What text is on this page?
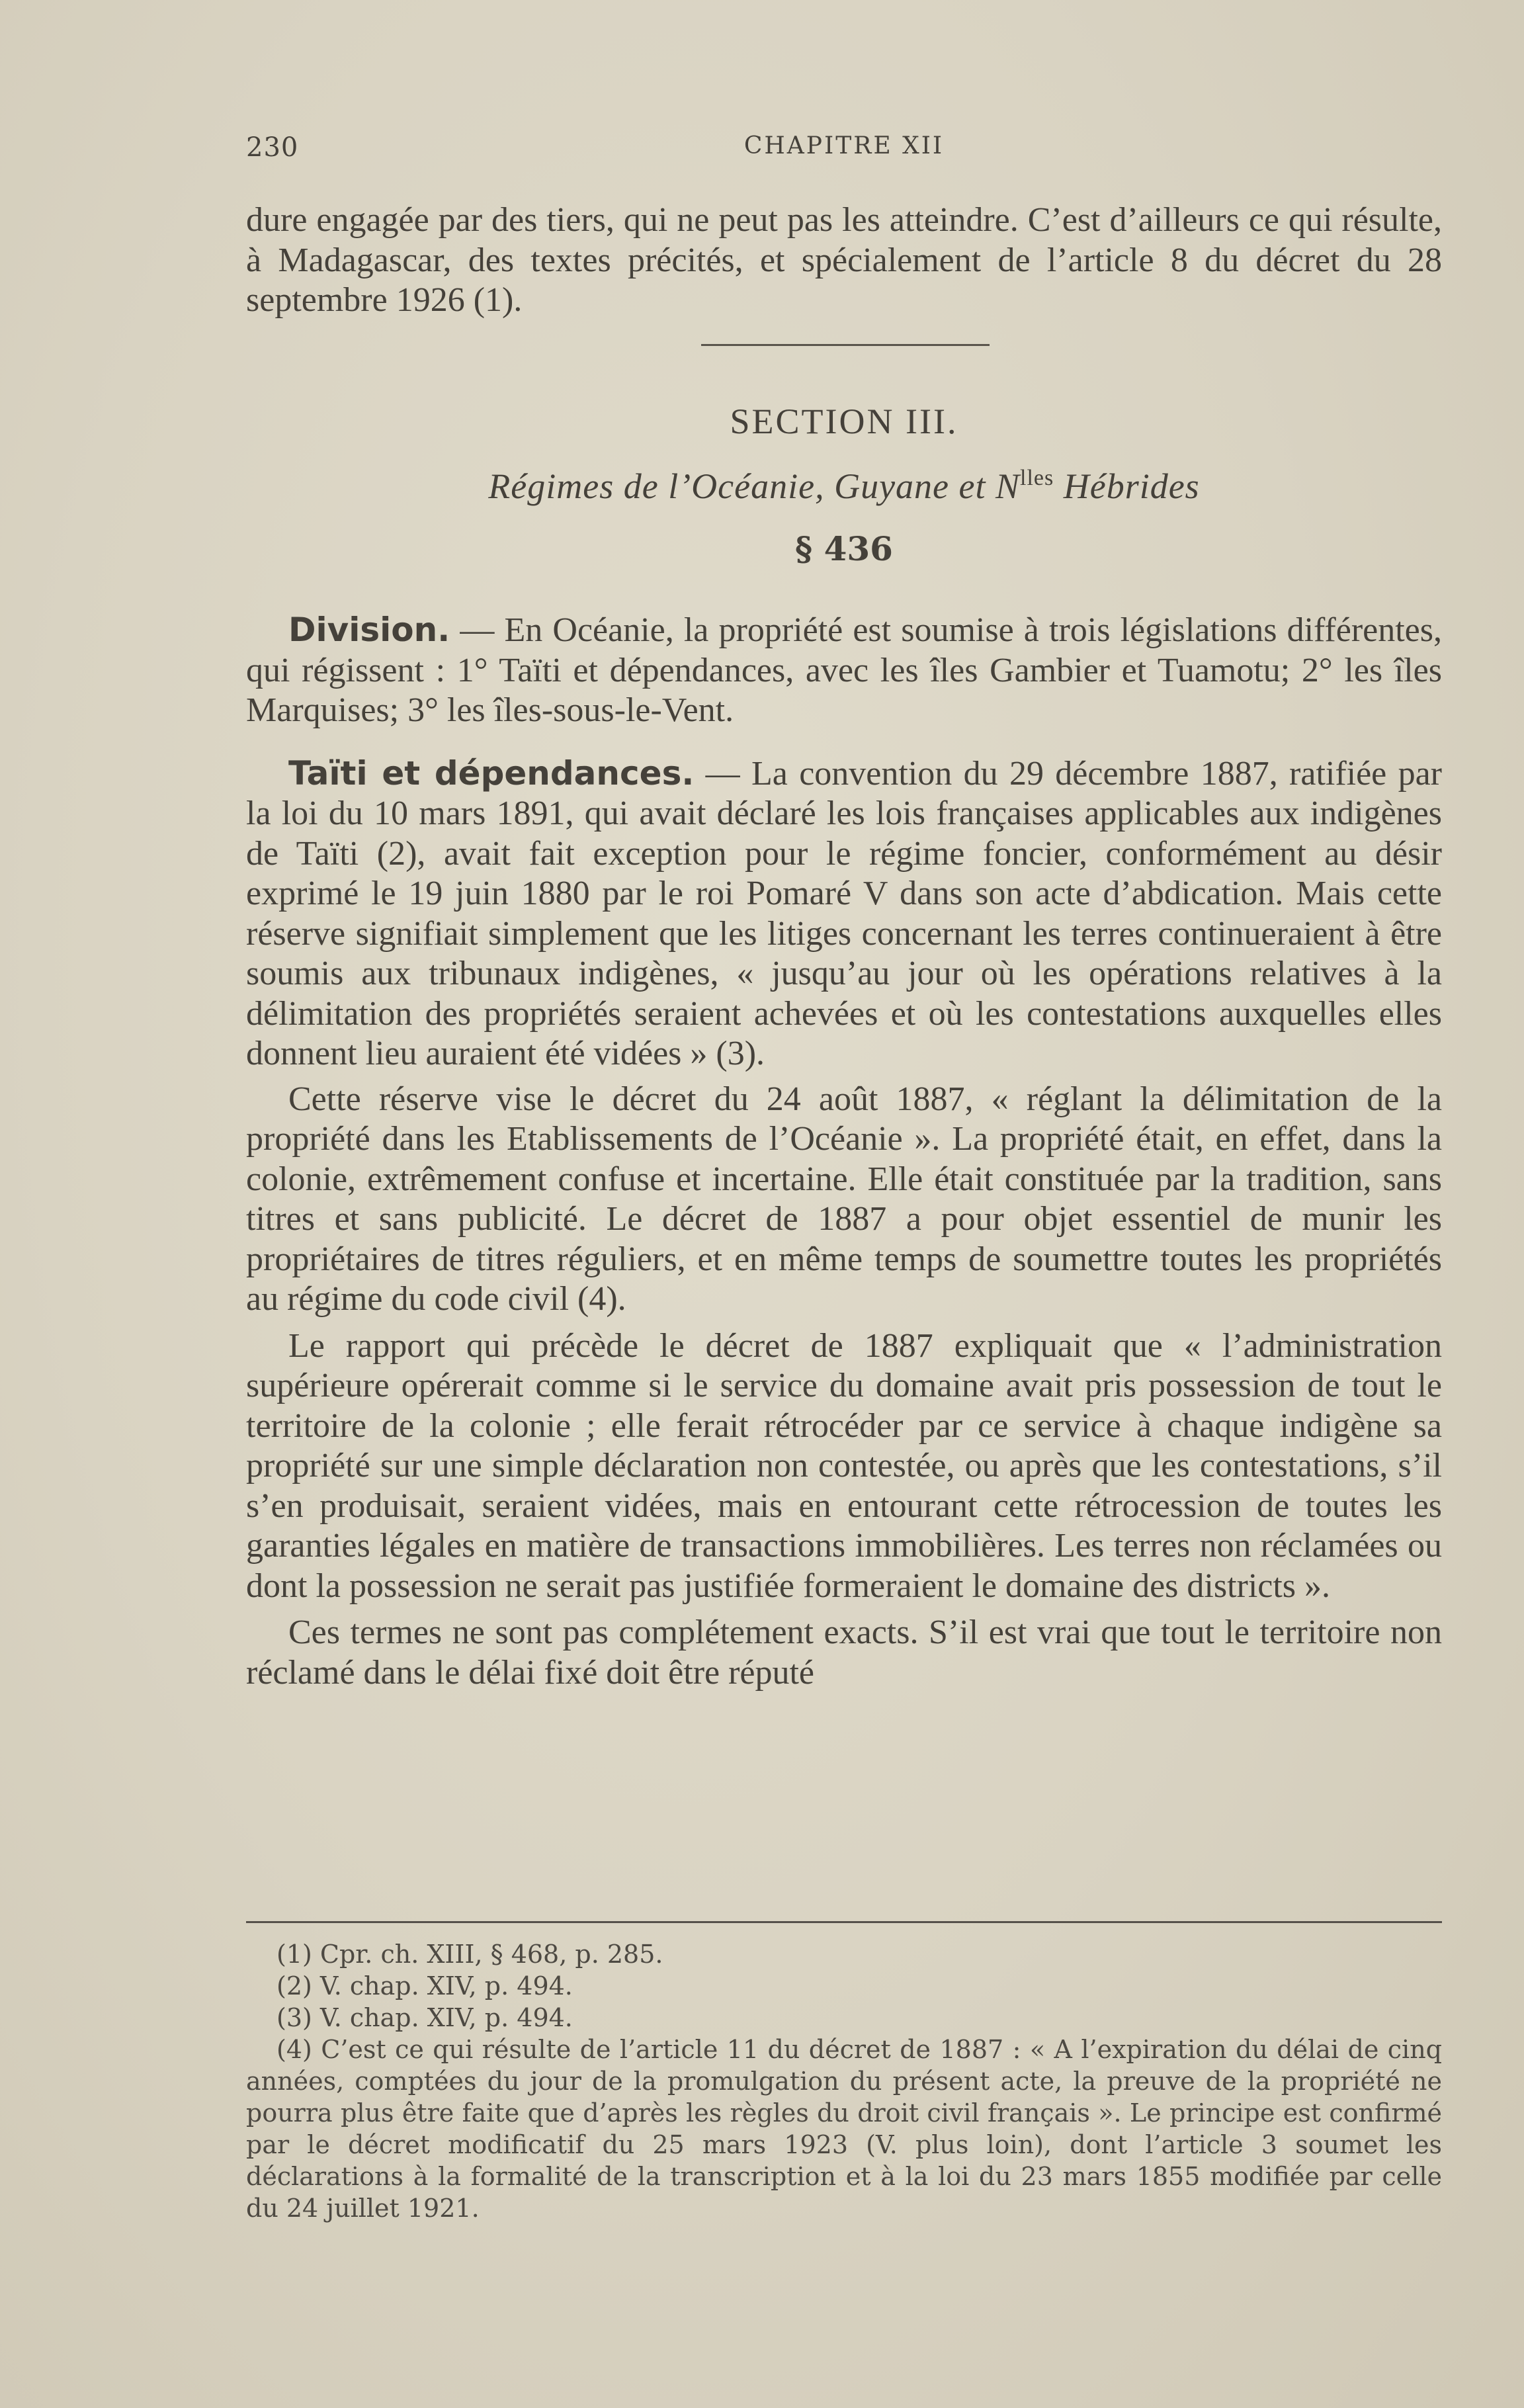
230	CHAPITRE XII

dure engagée par des tiers, qui ne peut pas les atteindre. C’est d’ailleurs ce qui résulte, à Madagascar, des textes précités, et spécialement de l’article 8 du décret du 28 septembre 1926 (1).

SECTION III.
Régimes de l’Océanie, Guyane et $N^{lles}$ Hébrides
§ 436

Division. — En Océanie, la propriété est soumise à trois législations différentes, qui régissent : 1° Taïti et dépendances, avec les îles Gambier et Tuamotu; 2° les îles Marquises; 3° les îles-sous-le-Vent.

Taïti et dépendances. — La convention du 29 décembre 1887, ratifiée par la loi du 10 mars 1891, qui avait déclaré les lois françaises applicables aux indigènes de Taïti (2), avait fait exception pour le régime foncier, conformément au désir exprimé le 19 juin 1880 par le roi Pomaré V dans son acte d’abdication. Mais cette réserve signifiait simplement que les litiges concernant les terres continueraient à être soumis aux tribunaux indigènes, « jusqu’au jour où les opérations relatives à la délimitation des propriétés seraient achevées et où les contestations auxquelles elles donnent lieu auraient été vidées » (3).

Cette réserve vise le décret du 24 août 1887, « réglant la délimitation de la propriété dans les Etablissements de l’Océanie ». La propriété était, en effet, dans la colonie, extrêmement confuse et incertaine. Elle était constituée par la tradition, sans titres et sans publicité. Le décret de 1887 a pour objet essentiel de munir les propriétaires de titres réguliers, et en même temps de soumettre toutes les propriétés au régime du code civil (4).

Le rapport qui précède le décret de 1887 expliquait que « l’administration supérieure opérerait comme si le service du domaine avait pris possession de tout le territoire de la colonie ; elle ferait rétrocéder par ce service à chaque indigène sa propriété sur une simple déclaration non contestée, ou après que les contestations, s’il s’en produisait, seraient vidées, mais en entourant cette rétrocession de toutes les garanties légales en matière de transactions immobilières. Les terres non réclamées ou dont la possession ne serait pas justifiée formeraient le domaine des districts ».

Ces termes ne sont pas complétement exacts. S’il est vrai que tout le territoire non réclamé dans le délai fixé doit être réputé

(1) Cpr. ch. XIII, § 468, p. 285.

(2) V. chap. XIV, p. 494.

(3) V. chap. XIV, p. 494.

(4) C’est ce qui résulte de l’article 11 du décret de 1887 : « A l’expiration du délai de cinq années, comptées du jour de la promulgation du présent acte, la preuve de la propriété ne pourra plus être faite que d’après les règles du droit civil français ». Le principe est confirmé par le décret modificatif du 25 mars 1923 (V. plus loin), dont l’article 3 soumet les déclarations à la formalité de la transcription et à la loi du 23 mars 1855 modifiée par celle du 24 juillet 1921.
